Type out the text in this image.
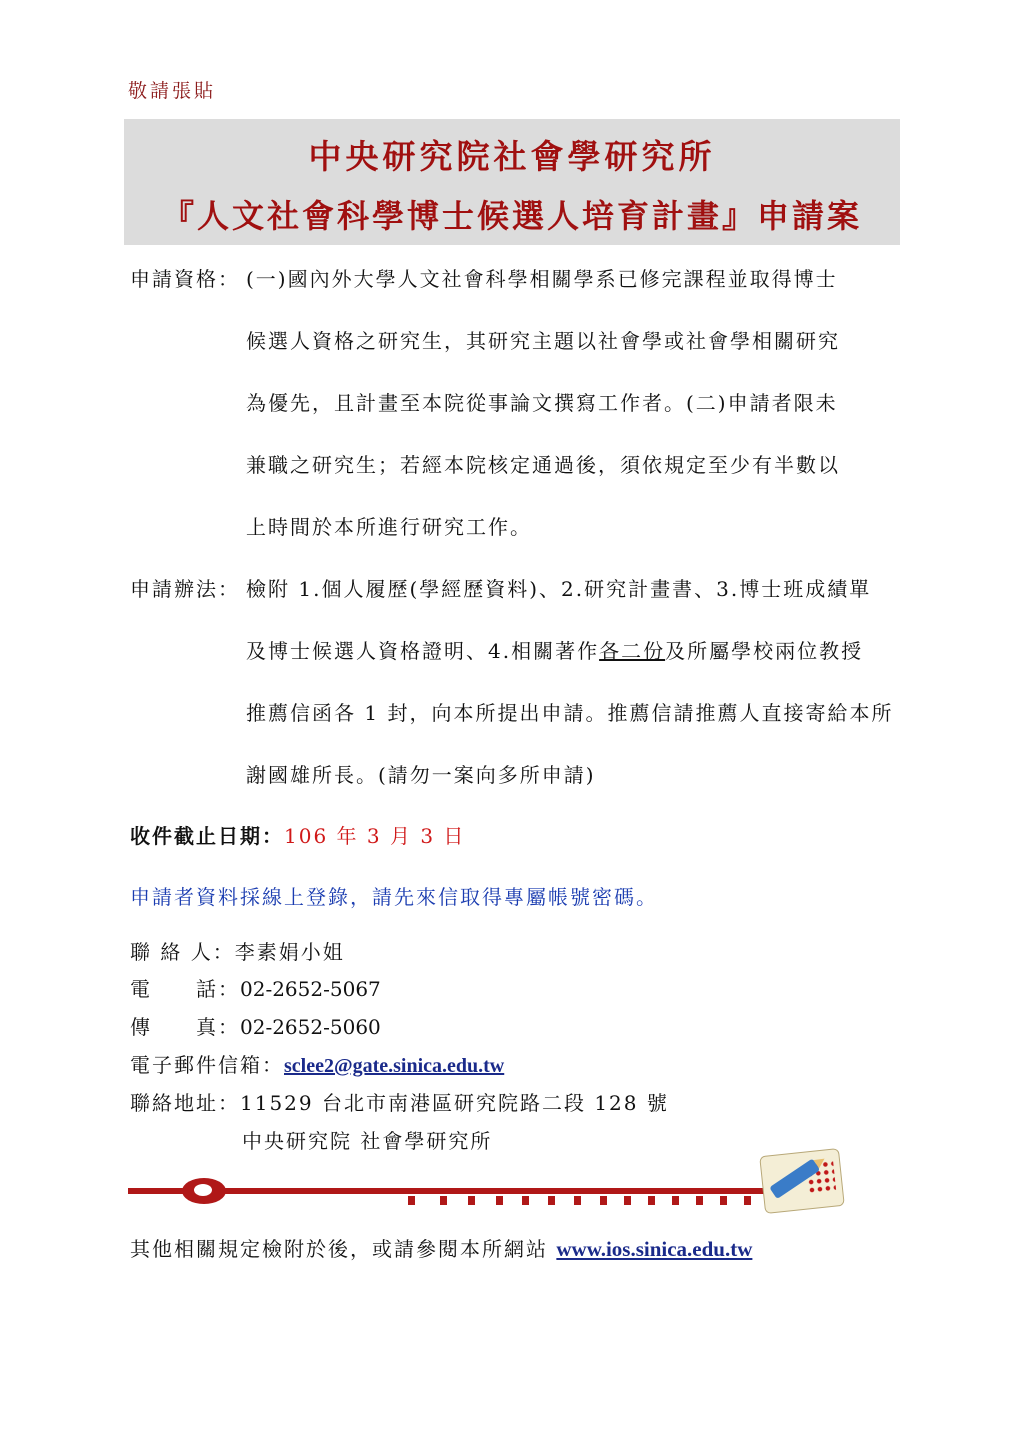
敬請張貼
中央研究院社會學研究所
『人文社會科學博士候選人培育計畫』申請案
申請資格： (一)國內外大學人文社會科學相關學系已修完課程並取得博士
候選人資格之研究生，其研究主題以社會學或社會學相關研究
為優先，且計畫至本院從事論文撰寫工作者。(二)申請者限未
兼職之研究生；若經本院核定通過後，須依規定至少有半數以
上時間於本所進行研究工作。
申請辦法： 檢附 1.個人履歷(學經歷資料)、2.研究計畫書、3.博士班成績單
及博士候選人資格證明、4.相關著作各二份及所屬學校兩位教授
推薦信函各 1 封，向本所提出申請。推薦信請推薦人直接寄給本所
謝國雄所長。(請勿一案向多所申請)
收件截止日期：106 年 3 月 3 日
申請者資料採線上登錄，請先來信取得專屬帳號密碼。
聯 絡 人：李素娟小姐
電　　話：02-2652-5067
傳　　真：02-2652-5060
電子郵件信箱：sclee2@gate.sinica.edu.tw
聯絡地址：11529 台北市南港區研究院路二段 128 號
中央研究院 社會學研究所
其他相關規定檢附於後，或請參閱本所網站 www.ios.sinica.edu.tw
